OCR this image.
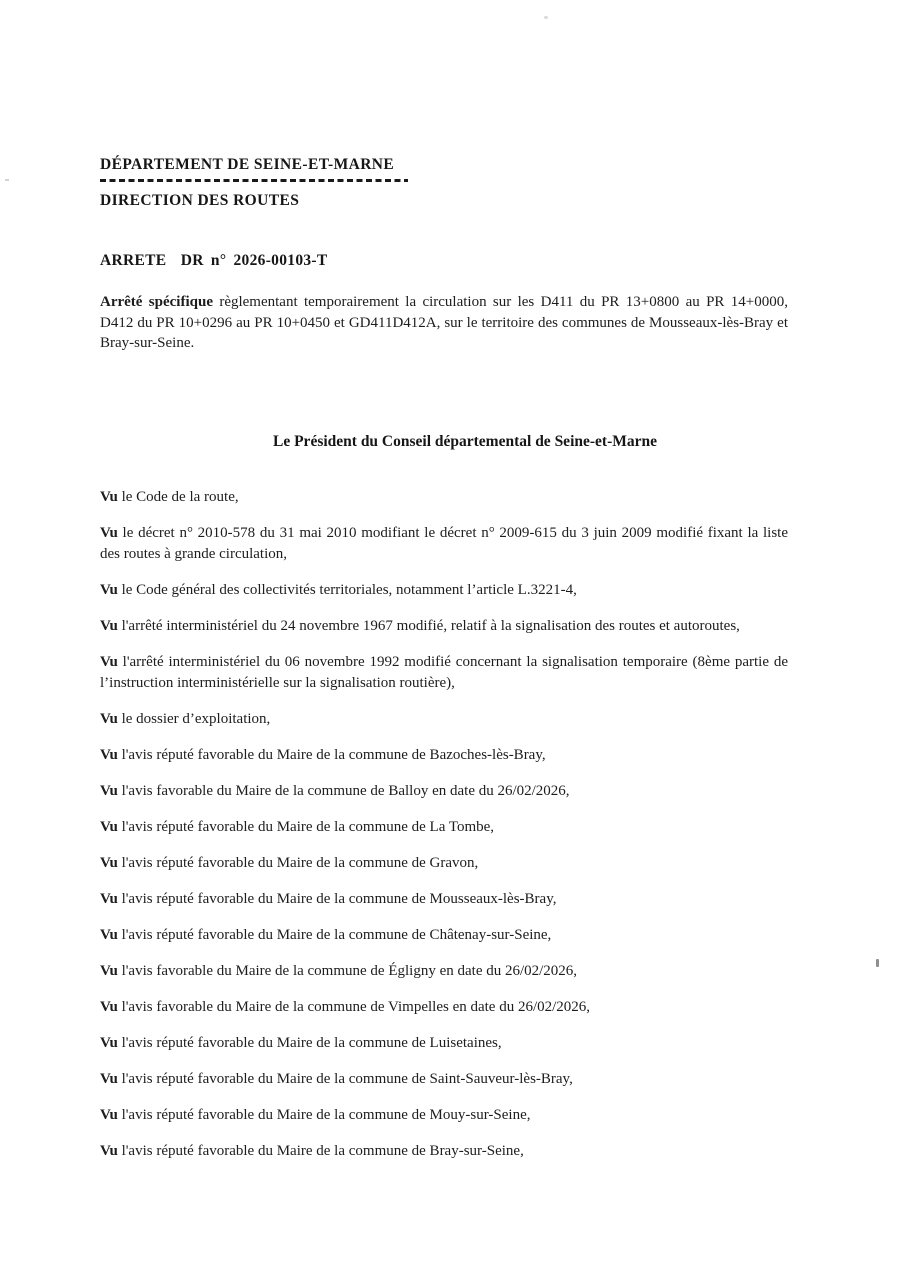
DÉPARTEMENT DE SEINE-ET-MARNE
DIRECTION DES ROUTES
ARRETE  DR n° 2026-00103-T

Arrêté spécifique règlementant temporairement la circulation sur les D411 du PR 13+0800 au PR 14+0000, D412 du PR 10+0296 au PR 10+0450 et GD411D412A, sur le territoire des communes de Mousseaux-lès-Bray et Bray-sur-Seine.

Le Président du Conseil départemental de Seine-et-Marne

Vu le Code de la route,

Vu le décret n° 2010-578 du 31 mai 2010 modifiant le décret n° 2009-615 du 3 juin 2009 modifié fixant la liste des routes à grande circulation,

Vu le Code général des collectivités territoriales, notamment l’article L.3221-4,

Vu l'arrêté interministériel du 24 novembre 1967 modifié, relatif à la signalisation des routes et autoroutes,

Vu l'arrêté interministériel du 06 novembre 1992 modifié concernant la signalisation temporaire (8ème partie de l’instruction interministérielle sur la signalisation routière),

Vu le dossier d’exploitation,

Vu l'avis réputé favorable du Maire de la commune de Bazoches-lès-Bray,

Vu l'avis favorable du Maire de la commune de Balloy en date du 26/02/2026,

Vu l'avis réputé favorable du Maire de la commune de La Tombe,

Vu l'avis réputé favorable du Maire de la commune de Gravon,

Vu l'avis réputé favorable du Maire de la commune de Mousseaux-lès-Bray,

Vu l'avis réputé favorable du Maire de la commune de Châtenay-sur-Seine,

Vu l'avis favorable du Maire de la commune de Égligny en date du 26/02/2026,

Vu l'avis favorable du Maire de la commune de Vimpelles en date du 26/02/2026,

Vu l'avis réputé favorable du Maire de la commune de Luisetaines,

Vu l'avis réputé favorable du Maire de la commune de Saint-Sauveur-lès-Bray,

Vu l'avis réputé favorable du Maire de la commune de Mouy-sur-Seine,

Vu l'avis réputé favorable du Maire de la commune de Bray-sur-Seine,
